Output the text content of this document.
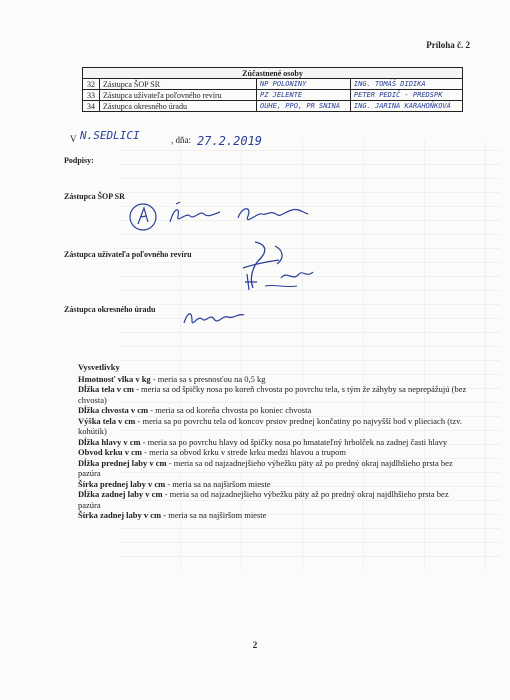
Príloha č. 2
Zúčastnené osoby			
32	Zástupca ŠOP SR	NP POLONINY	ING. TOMÁŠ DIDIKA
33	Zástupca užívateľa poľovného revíru	PZ JELENTE	PETER PEDIČ - PREDSPK
34	Zástupca okresného úradu	OUHE, PPO, PR SNINA	ING. JARINA KARAHOŇKOVÁ
V N.SEDLICI	, dňa: 27.2.2019
Podpisy:
Zástupca ŠOP SR
Zástupca užívateľa poľovného revíru
Zástupca okresného úradu

Vysvetlivky

Hmotnosť vlka v kg - meria sa s presnosťou na 0,5 kg

Dĺžka tela v cm - meria sa od špičky nosa po koreň chvosta po povrchu tela, s tým že záhyby sa neprepážujú (bez chvosta)

Dĺžka chvosta v cm - meria sa od koreňa chvosta po koniec chvosta

Výška tela v cm - meria sa po povrchu tela od koncov prstov prednej končatiny po najvyšší bod v plieciach (tzv. kohútik)

Dĺžka hlavy v cm - meria sa po povrchu hlavy od špičky nosa po hmatateľný hrbolček na zadnej časti hlavy

Obvod krku v cm - meria sa obvod krku v strede krku medzi hlavou a trupom

Dĺžka prednej laby v cm - meria sa od najzadnejšieho výbežku päty až po predný okraj najdlhšieho prsta bez pazúra

Šírka prednej laby v cm - meria sa na najširšom mieste

Dĺžka zadnej laby v cm - meria sa od najzadnejšieho výbežku päty až po predný okraj najdlhšieho prsta bez pazúra

Šírka zadnej laby v cm - meria sa na najširšom mieste

2
